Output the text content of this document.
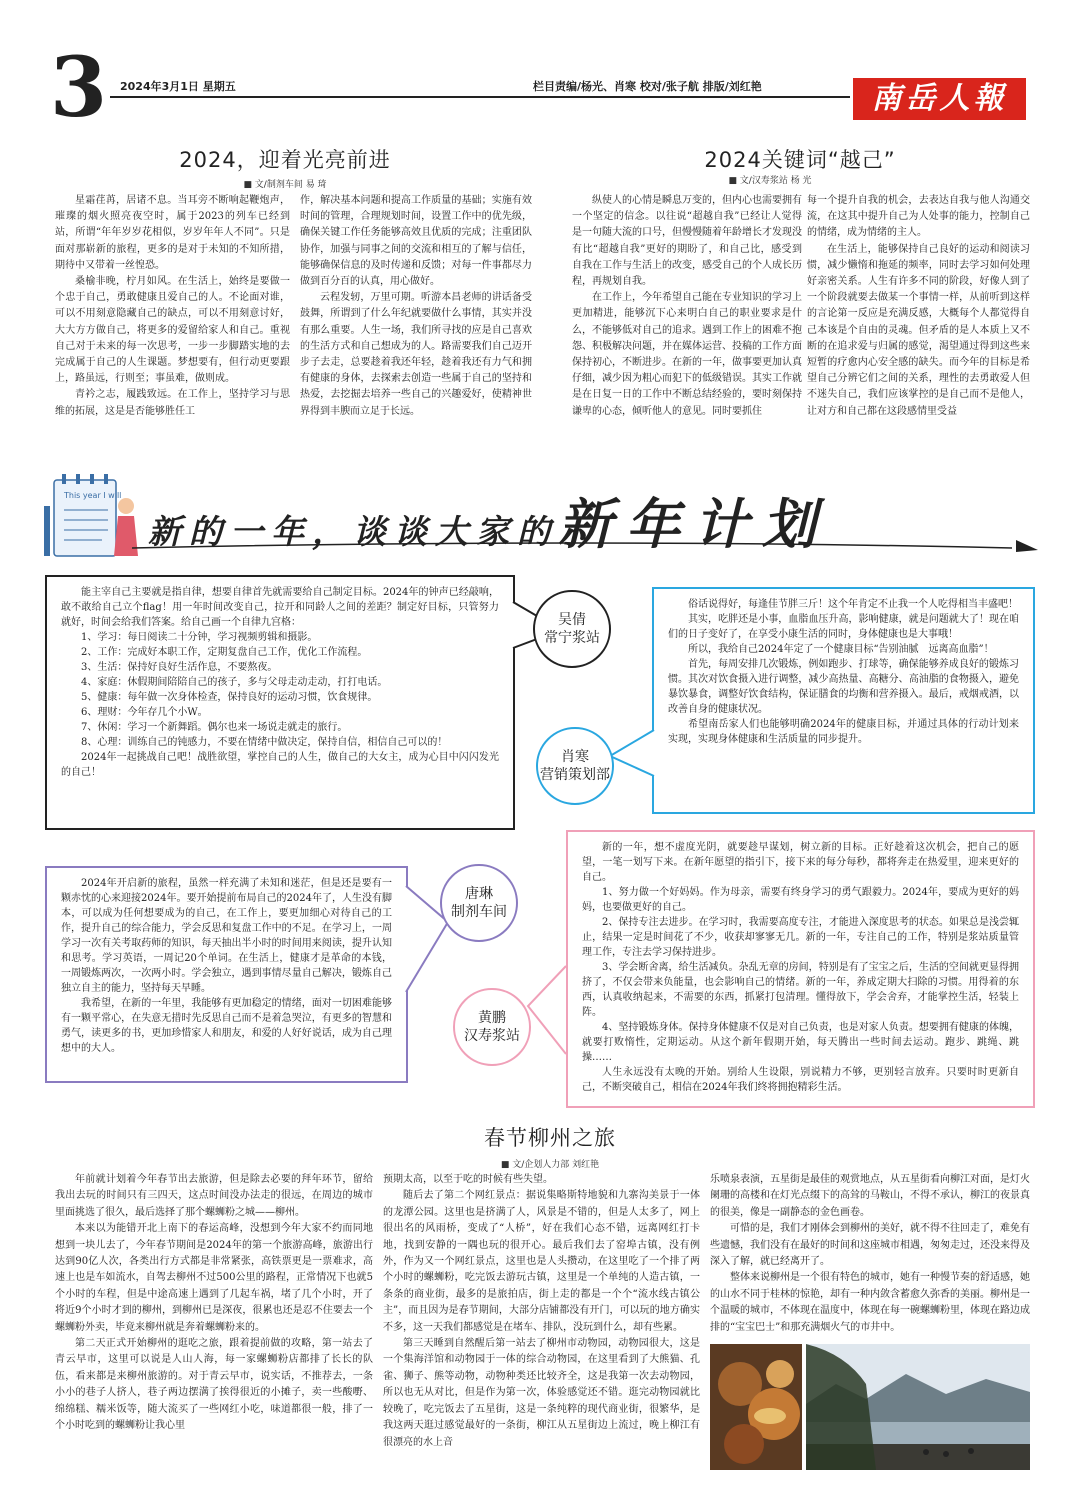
3 2024年3月1日 星期五	栏目责编/杨光、肖寒 校对/张子航 排版/刘红艳	南岳人報
2024，迎着光亮前进
■ 文/制剂车间 易 琦

星霜荏苒，居诸不息。当耳旁不断响起鞭炮声，璀璨的烟火照亮夜空时，属于2023的列车已经到站，所谓“年年岁岁花相似，岁岁年年人不同”。只是面对那崭新的旅程，更多的是对于未知的不知所措，期待中又带着一丝惶恐。

桑榆非晚，柠月如风。在生活上，始终是要做一个忠于自己，勇敢健康且爱自己的人。不论面对谁，可以不用刻意隐藏自己的缺点，可以不用刻意讨好，大大方方做自己，将更多的爱留给家人和自己。重视自己对于未来的每一次思考，一步一步脚踏实地的去完成属于自己的人生课题。梦想要有，但行动更要跟上，路虽远，行则至；事虽难，做则成。

青衿之志，履践致远。在工作上，坚持学习与思维的拓展，这是是否能够胜任工

作，解决基本问题和提高工作质量的基础；实施有效时间的管理，合理规划时间，设置工作中的优先级，确保关键工作任务能够高效且优质的完成；注重团队协作，加强与同事之间的交流和相互的了解与信任，能够确保信息的及时传递和反馈；对每一件事都尽力做到百分百的认真，用心做好。

云程发轫，万里可期。听游本昌老师的讲话备受鼓舞，所谓到了什么年纪就要做什么事情，其实并没有那么重要。人生一场，我们所寻找的应是自己喜欢的生活方式和自己想成为的人。路需要我们自己迈开步子去走，总要趁着我还年轻，趁着我还有力气和拥有健康的身体，去探索去创造一些属于自己的坚持和热爱，去挖掘去培养一些自己的兴趣爱好，使精神世界得到丰腴而立足于长远。

2024关键词“越己”
■ 文/汉寿浆站 杨 光

纵使人的心情是瞬息万变的，但内心也需要拥有一个坚定的信念。以往说“超越自我”已经让人觉得是一句随大流的口号，但慢慢随着年龄增长才发现没有比“超越自我”更好的期盼了，和自己比，感受到自我在工作与生活上的改变，感受自己的个人成长历程，再规划自我。

在工作上，今年希望自己能在专业知识的学习上更加精进，能够沉下心来明白自己的职业要求是什么，不能够低对自己的追求。遇到工作上的困难不抱怨、积极解决问题，并在媒体运营、投稿的工作方面保持初心，不断进步。在新的一年，做事要更加认真仔细，减少因为粗心而犯下的低级错误。其实工作就是在日复一日的工作中不断总结经验的，要时刻保持谦卑的心态，倾听他人的意见。同时要抓住

每一个提升自我的机会，去表达自我与他人沟通交流，在这其中提升自己为人处事的能力，控制自己的情绪，成为情绪的主人。

在生活上，能够保持自己良好的运动和阅读习惯，减少懒惰和拖延的频率，同时去学习如何处理好亲密关系。人生有许多不同的阶段，好像人到了一个阶段就要去做某一个事情一样，从前听到这样的言论第一反应是充满反感，大概每个人都觉得自己本该是个自由的灵魂。但矛盾的是人本质上又不断的在追求爱与归属的感觉，渴望通过得到这些来短暂的疗愈内心安全感的缺失。而今年的目标是希望自己分辨它们之间的关系，理性的去勇敢爱人但不迷失自己，我们应该掌控的是自己而不是他人，让对方和自己都在这段感情里受益

This year I will
新的一年，谈谈大家的新年计划

能主宰自己主要就是指自律，想要自律首先就需要给自己制定目标。2024年的钟声已经敲响，敢不敢给自己立个flag！用一年时间改变自己，拉开和同龄人之间的差距？制定好目标，只管努力就好，时间会给我们答案。给自己画一个自律九宫格：

1、学习：每日阅读二十分钟，学习视频剪辑和摄影。

2、工作：完成好本职工作，定期复盘自己工作，优化工作流程。

3、生活：保持好良好生活作息，不要熬夜。

4、家庭：休假期间陪陪自己的孩子，多与父母走动走动，打打电话。

5、健康：每年做一次身体检查，保持良好的运动习惯，饮食规律。

6、理财：今年存几个小W。

7、休闲：学习一个新舞蹈。偶尔也来一场说走就走的旅行。

8、心理：训练自己的钝感力，不要在情绪中做决定，保持自信，相信自己可以的！

2024年一起挑战自己吧！战胜欲望，掌控自己的人生，做自己的大女主，成为心目中闪闪发光的自己！

吴倩
常宁浆站

俗话说得好，每逢佳节胖三斤！这个年肯定不止我一个人吃得相当丰盛吧！

其实，吃胖还是小事，血脂血压升高，影响健康，就是问题就大了！现在咱们的日子变好了，在享受小康生活的同时，身体健康也是大事哦！

所以，我给自己2024年定了一个健康目标“告别油腻　远离高血脂”！

首先，每周安排几次锻炼，例如跑步、打球等，确保能够养成良好的锻炼习惯。其次对饮食摄入进行调整，减少高热量、高糖分、高油脂的食物摄入，避免暴饮暴食，调整好饮食结构，保证膳食的均衡和营养摄入。最后，戒烟戒酒，以改善自身的健康状况。

希望南岳家人们也能够明确2024年的健康目标，并通过具体的行动计划来实现，实现身体健康和生活质量的同步提升。

肖寒
营销策划部

2024年开启新的旅程，虽然一样充满了未知和迷茫，但是还是要有一颗赤忱的心来迎接2024年。要开始提前布局自己的2024年了，人生没有脚本，可以成为任何想要成为的自己，在工作上，要更加细心对待自己的工作，提升自己的综合能力，学会反思和复盘工作中的不足。在学习上，一周学习一次有关考取药师的知识，每天抽出半小时的时间用来阅读，提升认知和思考。学习英语，一周记20个单词。在生活上，健康才是革命的本钱，一周锻炼两次，一次两小时。学会独立，遇到事情尽量自己解决，锻炼自己独立自主的能力，坚持每天早睡。

我希望，在新的一年里，我能够有更加稳定的情绪，面对一切困难能够有一颗平常心，在失意无措时先反思自己而不是着急哭泣，有更多的智慧和勇气，读更多的书，更加珍惜家人和朋友，和爱的人好好说话，成为自己理想中的大人。

唐琳
制剂车间

新的一年，想不虚度光阴，就要趁早谋划，树立新的目标。正好趁着这次机会，把自己的愿望，一笔一划写下来。在新年愿望的指引下，接下来的每分每秒，都将奔走在热爱里，迎来更好的自己。

1、努力做一个好妈妈。作为母亲，需要有终身学习的勇气跟毅力。2024年，要成为更好的妈妈，也要做更好的自己。

2、保持专注去进步。在学习时，我需要高度专注，才能进入深度思考的状态。如果总是浅尝辄止，结果一定是时间花了不少，收获却寥寥无几。新的一年，专注自己的工作，特别是浆站质量管理工作，专注去学习保持进步。

3、学会断舍离，给生活减负。杂乱无章的房间，特别是有了宝宝之后，生活的空间就更显得拥挤了，不仅会带来负能量，也会影响自己的情绪。新的一年，养成定期大扫除的习惯。用得着的东西，认真收纳起来，不需要的东西，抓紧打包清理。懂得放下，学会舍弃，才能掌控生活，轻装上阵。

4、坚持锻炼身体。保持身体健康不仅是对自己负责，也是对家人负责。想要拥有健康的体魄，就要打败惰性，定期运动。从这个新年假期开始，每天腾出一些时间去运动。跑步、跳绳、跳操……

人生永远没有太晚的开始。别给人生设限，别说精力不够，更别轻言放弃。只要时时更新自己，不断突破自己，相信在2024年我们终将拥抱精彩生活。

黄鹏
汉寿浆站
春节柳州之旅
■ 文/企划人力部 刘红艳

年前就计划着今年春节出去旅游，但是除去必要的拜年环节，留给我出去玩的时间只有三四天，这点时间没办法走的很远，在周边的城市里面挑选了很久，最后选择了那个螺蛳粉之城——柳州。

本来以为能错开北上南下的春运高峰，没想到今年大家不约而同地想到一块儿去了，今年春节期间是2024年的第一个旅游高峰，旅游出行达到90亿人次，各类出行方式都是非常紧张，高铁票更是一票难求，高速上也是车如流水，自驾去柳州不过500公里的路程，正常情况下也就5个小时的车程，但是中途高速上遇到了几起车祸，堵了几个小时，开了将近9个小时才到的柳州，到柳州已是深夜，很累也还是忍不住要去一个螺蛳粉外卖，毕竟来柳州就是奔着螺蛳粉来的。

第二天正式开始柳州的逛吃之旅，跟着提前做的攻略，第一站去了青云早市，这里可以说是人山人海，每一家螺蛳粉店都排了长长的队伍，看来都是来柳州旅游的。对于青云早市，说实话，不推荐去，一条小小的巷子人挤人，巷子两边摆满了挨得很近的小摊子，卖一些酸嘢、绵绵糕、糯米饭等，随大流买了一些网红小吃，味道都很一般，排了一个小时吃到的螺蛳粉让我心里

预期太高，以至于吃的时候有些失望。

随后去了第二个网红景点：据说集略斯特地貌和九寨沟美景于一体的龙潭公园。这里也是挤满了人，风景是不错的，但是人太多了，网上很出名的风雨桥，变成了“人桥”，好在我们心态不错，远离网红打卡地，找到安静的一隅也玩的很开心。最后我们去了窑埠古镇，没有例外，作为又一个网红景点，这里也是人头攒动，在这里吃了一个排了两个小时的螺蛳粉，吃完饭去游玩古镇，这里是一个单纯的人造古镇，一条条的商业街，最多的是旅拍店，街上走的都是一个个“流水线古镇公主”，而且因为是春节期间，大部分店铺都没有开门，可以玩的地方确实不多，这一天我们都感觉是在堵车、排队，没玩到什么，却有些累。

第三天睡到自然醒后第一站去了柳州市动物园，动物园很大，这是一个集海洋馆和动物园于一体的综合动物园，在这里看到了大熊猫、孔雀、狮子、熊等动物，动物种类还比较齐全，这是我第一次去动物园，所以也无从对比，但是作为第一次，体验感觉还不错。逛完动物园就比较晚了，吃完饭去了五星街，这是一条纯粹的现代商业街，很繁华，是我这两天逛过感觉最好的一条街，柳江从五星街边上流过，晚上柳江有很漂亮的水上音

乐喷泉表演，五星街是最佳的观赏地点，从五星街看向柳江对面，是灯火阑珊的高楼和在灯光点缀下的高耸的马鞍山，不得不承认，柳江的夜景真的很美，像是一副静态的金色画卷。

可惜的是，我们才刚体会到柳州的美好，就不得不往回走了，难免有些遗憾，我们没有在最好的时间和这座城市相遇，匆匆走过，还没来得及深入了解，就已经离开了。

整体来说柳州是一个很有特色的城市，她有一种慢节奏的舒适感，她的山水不同于桂林的惊艳，却有一种内敛含蓄愈久弥香的美丽。柳州是一个温暖的城市，不体现在温度中，体现在每一碗螺蛳粉里，体现在路边成排的“宝宝巴士”和那充满烟火气的市井中。
